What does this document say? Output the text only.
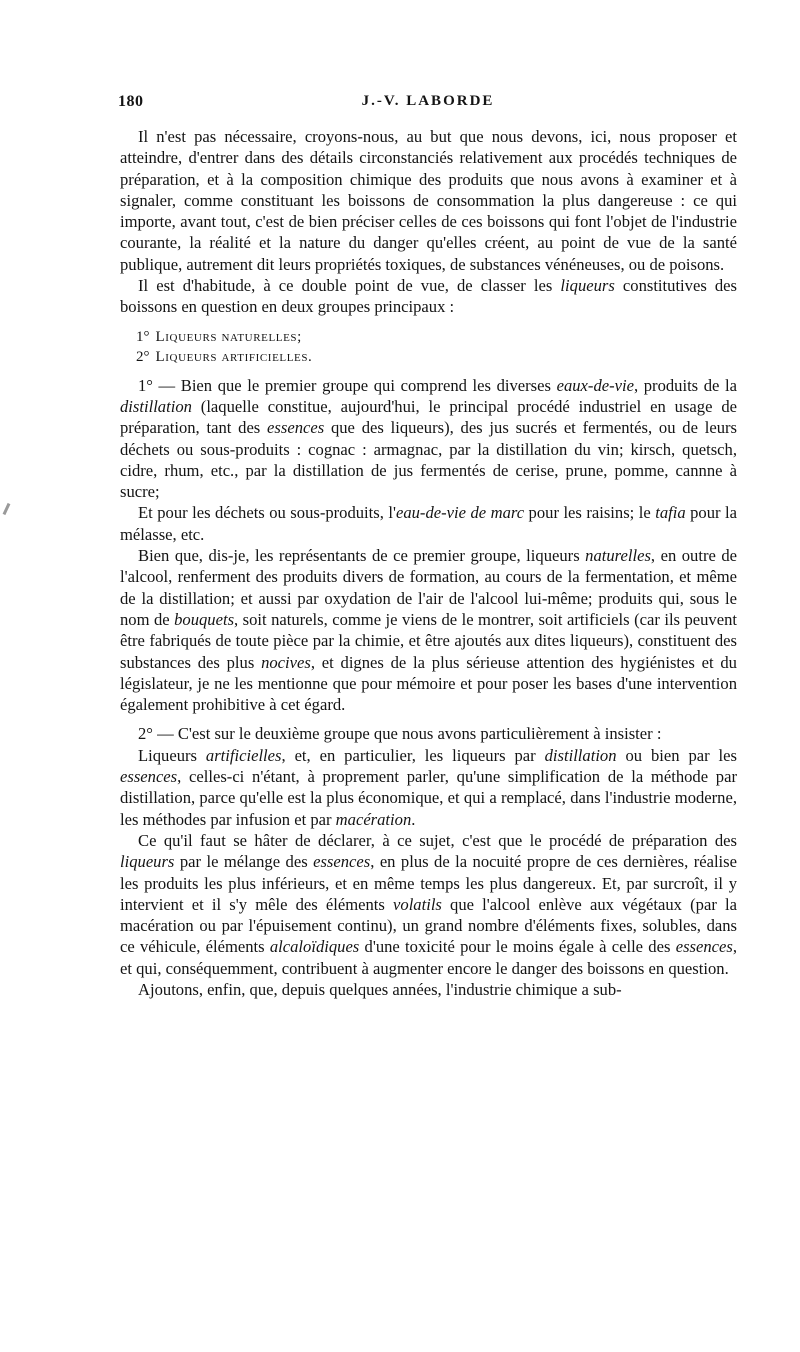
180	J.-V. LABORDE

Il n'est pas nécessaire, croyons-nous, au but que nous devons, ici, nous proposer et atteindre, d'entrer dans des détails circonstanciés relativement aux procédés techniques de préparation, et à la composition chimique des produits que nous avons à examiner et à signaler, comme constituant les boissons de consommation la plus dangereuse : ce qui importe, avant tout, c'est de bien préciser celles de ces boissons qui font l'objet de l'industrie courante, la réalité et la nature du danger qu'elles créent, au point de vue de la santé publique, autrement dit leurs propriétés toxiques, de substances vénéneuses, ou de poisons.

Il est d'habitude, à ce double point de vue, de classer les liqueurs constitutives des boissons en question en deux groupes principaux :

1° Liqueurs naturelles;
2° Liqueurs artificielles.

1° — Bien que le premier groupe qui comprend les diverses eaux-de-vie, produits de la distillation (laquelle constitue, aujourd'hui, le principal procédé industriel en usage de préparation, tant des essences que des liqueurs), des jus sucrés et fermentés, ou de leurs déchets ou sous-produits : cognac : armagnac, par la distillation du vin; kirsch, quetsch, cidre, rhum, etc., par la distillation de jus fermentés de cerise, prune, pomme, cannne à sucre;

Et pour les déchets ou sous-produits, l'eau-de-vie de marc pour les raisins; le tafia pour la mélasse, etc.

Bien que, dis-je, les représentants de ce premier groupe, liqueurs naturelles, en outre de l'alcool, renferment des produits divers de formation, au cours de la fermentation, et même de la distillation; et aussi par oxydation de l'air de l'alcool lui-même; produits qui, sous le nom de bouquets, soit naturels, comme je viens de le montrer, soit artificiels (car ils peuvent être fabriqués de toute pièce par la chimie, et être ajoutés aux dites liqueurs), constituent des substances des plus nocives, et dignes de la plus sérieuse attention des hygiénistes et du législateur, je ne les mentionne que pour mémoire et pour poser les bases d'une intervention également prohibitive à cet égard.

2° — C'est sur le deuxième groupe que nous avons particulièrement à insister :

Liqueurs artificielles, et, en particulier, les liqueurs par distillation ou bien par les essences, celles-ci n'étant, à proprement parler, qu'une simplification de la méthode par distillation, parce qu'elle est la plus économique, et qui a remplacé, dans l'industrie moderne, les méthodes par infusion et par macération.

Ce qu'il faut se hâter de déclarer, à ce sujet, c'est que le procédé de préparation des liqueurs par le mélange des essences, en plus de la nocuité propre de ces dernières, réalise les produits les plus inférieurs, et en même temps les plus dangereux. Et, par surcroît, il y intervient et il s'y mêle des éléments volatils que l'alcool enlève aux végétaux (par la macération ou par l'épuisement continu), un grand nombre d'éléments fixes, solubles, dans ce véhicule, éléments alcaloïdiques d'une toxicité pour le moins égale à celle des essences, et qui, conséquemment, contribuent à augmenter encore le danger des boissons en question.

Ajoutons, enfin, que, depuis quelques années, l'industrie chimique a sub-
